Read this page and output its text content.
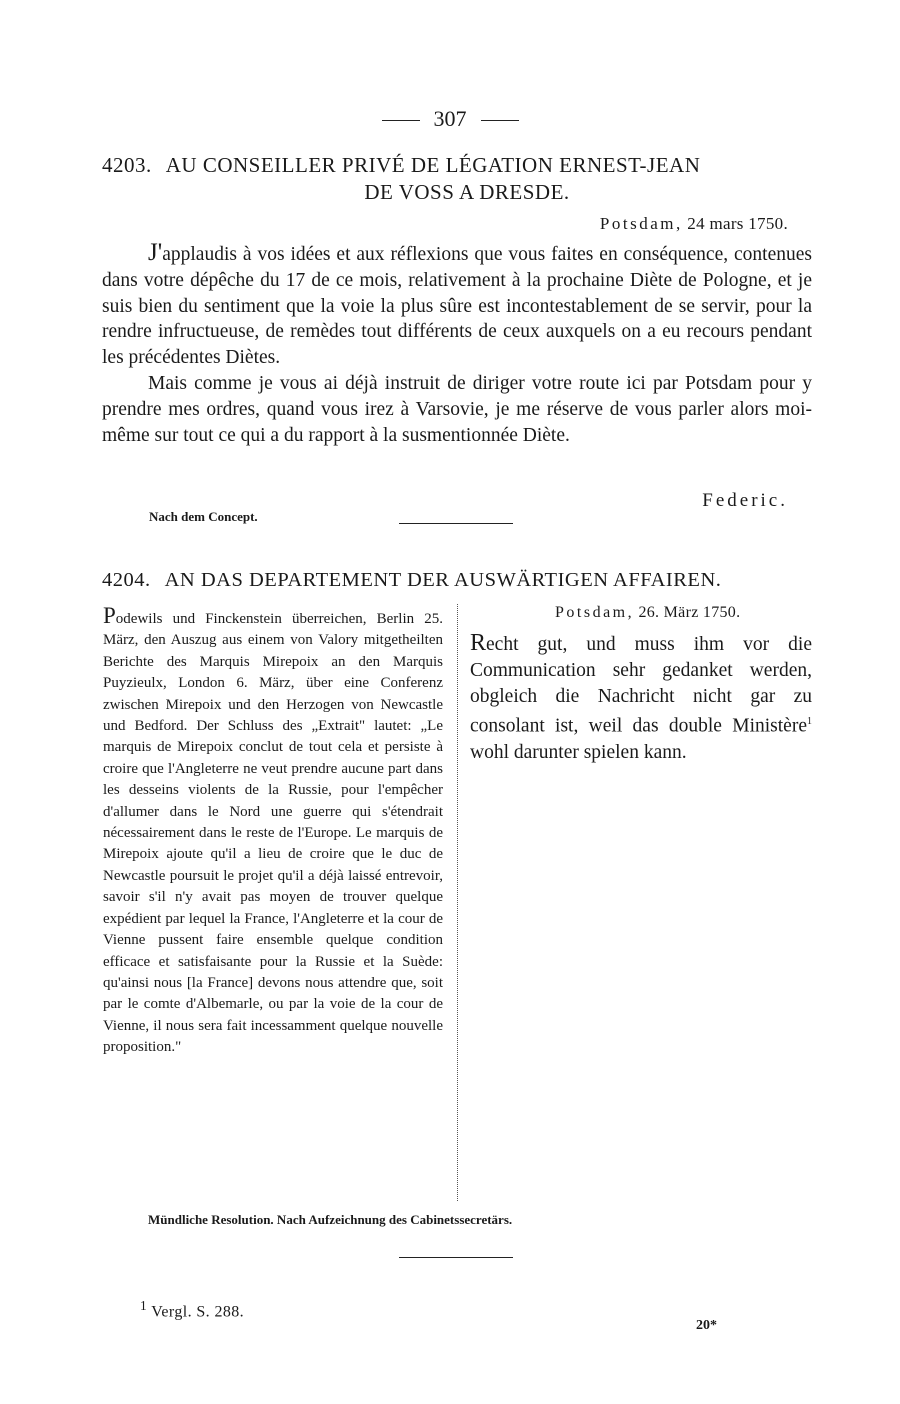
307
4203. AU CONSEILLER PRIVÉ DE LÉGATION ERNEST-JEAN
DE VOSS A DRESDE.
Potsdam, 24 mars 1750.

J'applaudis à vos idées et aux réflexions que vous faites en conséquence, contenues dans votre dépêche du 17 de ce mois, relativement à la prochaine Diète de Pologne, et je suis bien du sentiment que la voie la plus sûre est incontestablement de se servir, pour la rendre infructueuse, de remèdes tout différents de ceux auxquels on a eu recours pendant les précédentes Diètes.

Mais comme je vous ai déjà instruit de diriger votre route ici par Potsdam pour y prendre mes ordres, quand vous irez à Varsovie, je me réserve de vous parler alors moi-même sur tout ce qui a du rapport à la susmentionnée Diète.

Federic.
Nach dem Concept.
4204. AN DAS DEPARTEMENT DER AUSWÄRTIGEN AFFAIREN.
Podewils und Finckenstein überreichen, Berlin 25. März, den Auszug aus einem von Valory mitgetheilten Berichte des Marquis Mirepoix an den Marquis Puyzieulx, London 6. März, über eine Conferenz zwischen Mirepoix und den Herzogen von Newcastle und Bedford. Der Schluss des „Extrait" lautet: „Le marquis de Mirepoix conclut de tout cela et persiste à croire que l'Angleterre ne veut prendre aucune part dans les desseins violents de la Russie, pour l'empêcher d'allumer dans le Nord une guerre qui s'étendrait nécessairement dans le reste de l'Europe. Le marquis de Mirepoix ajoute qu'il a lieu de croire que le duc de Newcastle poursuit le projet qu'il a déjà laissé entrevoir, savoir s'il n'y avait pas moyen de trouver quelque expédient par lequel la France, l'Angleterre et la cour de Vienne pussent faire ensemble quelque condition efficace et satisfaisante pour la Russie et la Suède: qu'ainsi nous [la France] devons nous attendre que, soit par le comte d'Albemarle, ou par la voie de la cour de Vienne, il nous sera fait incessamment quelque nouvelle proposition."
Potsdam, 26. März 1750.
Recht gut, und muss ihm vor die Communication sehr gedanket werden, obgleich die Nachricht nicht gar zu consolant ist, weil das double Ministère$^1$ wohl darunter spielen kann.
Mündliche Resolution. Nach Aufzeichnung des Cabinetssecretärs.
$^1$ Vergl. S. 288.
20*
